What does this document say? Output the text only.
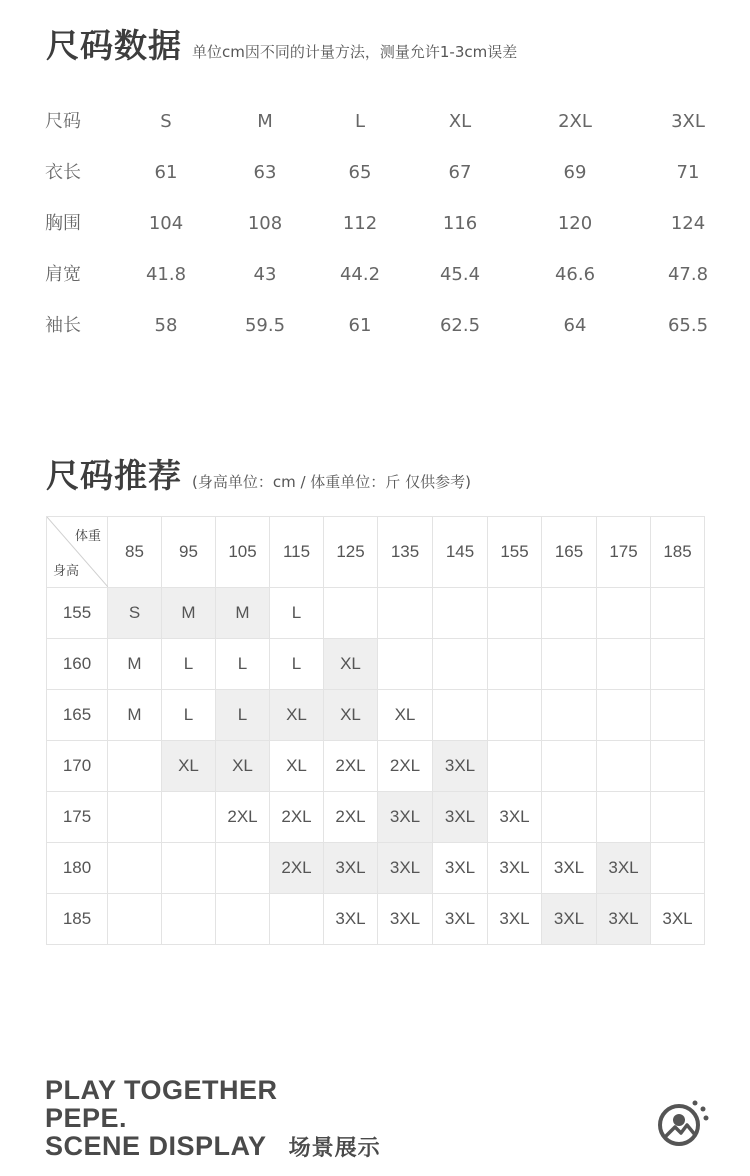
尺码数据 单位cm因不同的计量方法，测量允许1-3cm误差
尺码	S	M	L	XL	2XL	3XL
衣长	61	63	65	67	69	71
胸围	104	108	112	116	120	124
肩宽	41.8	43	44.2	45.4	46.6	47.8
袖长	58	59.5	61	62.5	64	65.5
尺码推荐 (身高单位：cm / 体重单位：斤 仅供参考)
体重
身高	85	95	105	115	125	135	145	155	165	175	185
155	S	M	M	L							
160	M	L	L	L	XL						
165	M	L	L	XL	XL	XL					
170		XL	XL	XL	2XL	2XL	3XL				
175			2XL	2XL	2XL	3XL	3XL	3XL			
180				2XL	3XL	3XL	3XL	3XL	3XL	3XL	
185					3XL	3XL	3XL	3XL	3XL	3XL	3XL
PLAY TOGETHER
PEPE.
SCENE DISPLAY 场景展示
